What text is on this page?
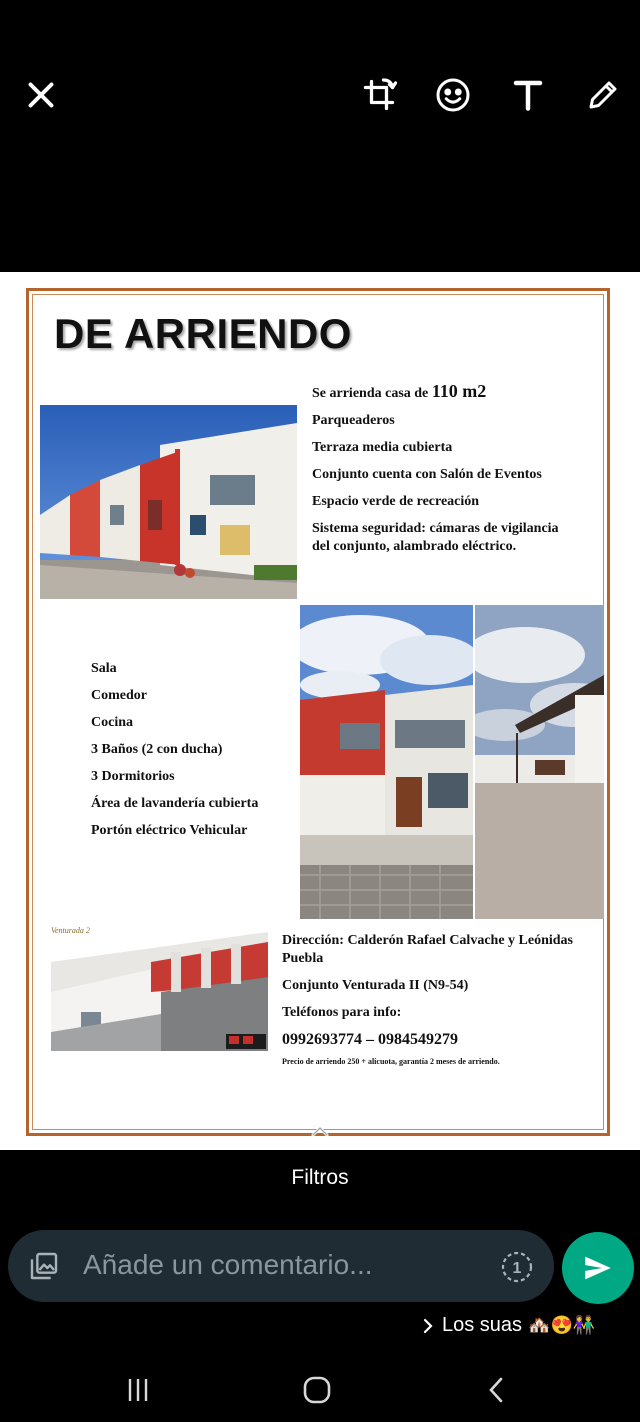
DE ARRIENDO
Se arrienda casa de 110 m2
Parqueaderos
Terraza media cubierta
Conjunto cuenta con Salón de Eventos
Espacio verde de recreación
Sistema seguridad: cámaras de vigilancia del conjunto, alambrado eléctrico.
Sala
Comedor
Cocina
3 Baños (2 con ducha)
3 Dormitorios
Área de lavandería cubierta
Portón eléctrico Vehicular
Venturada 2
Dirección: Calderón Rafael Calvache y Leónidas Puebla
Conjunto Venturada II (N9-54)
Teléfonos para info:
0992693774 – 0984549279
Precio de arriendo 250 + alícuota, garantía 2 meses de arriendo.
Filtros
Añade un comentario...	1
Los suas 🏘️😍👫
